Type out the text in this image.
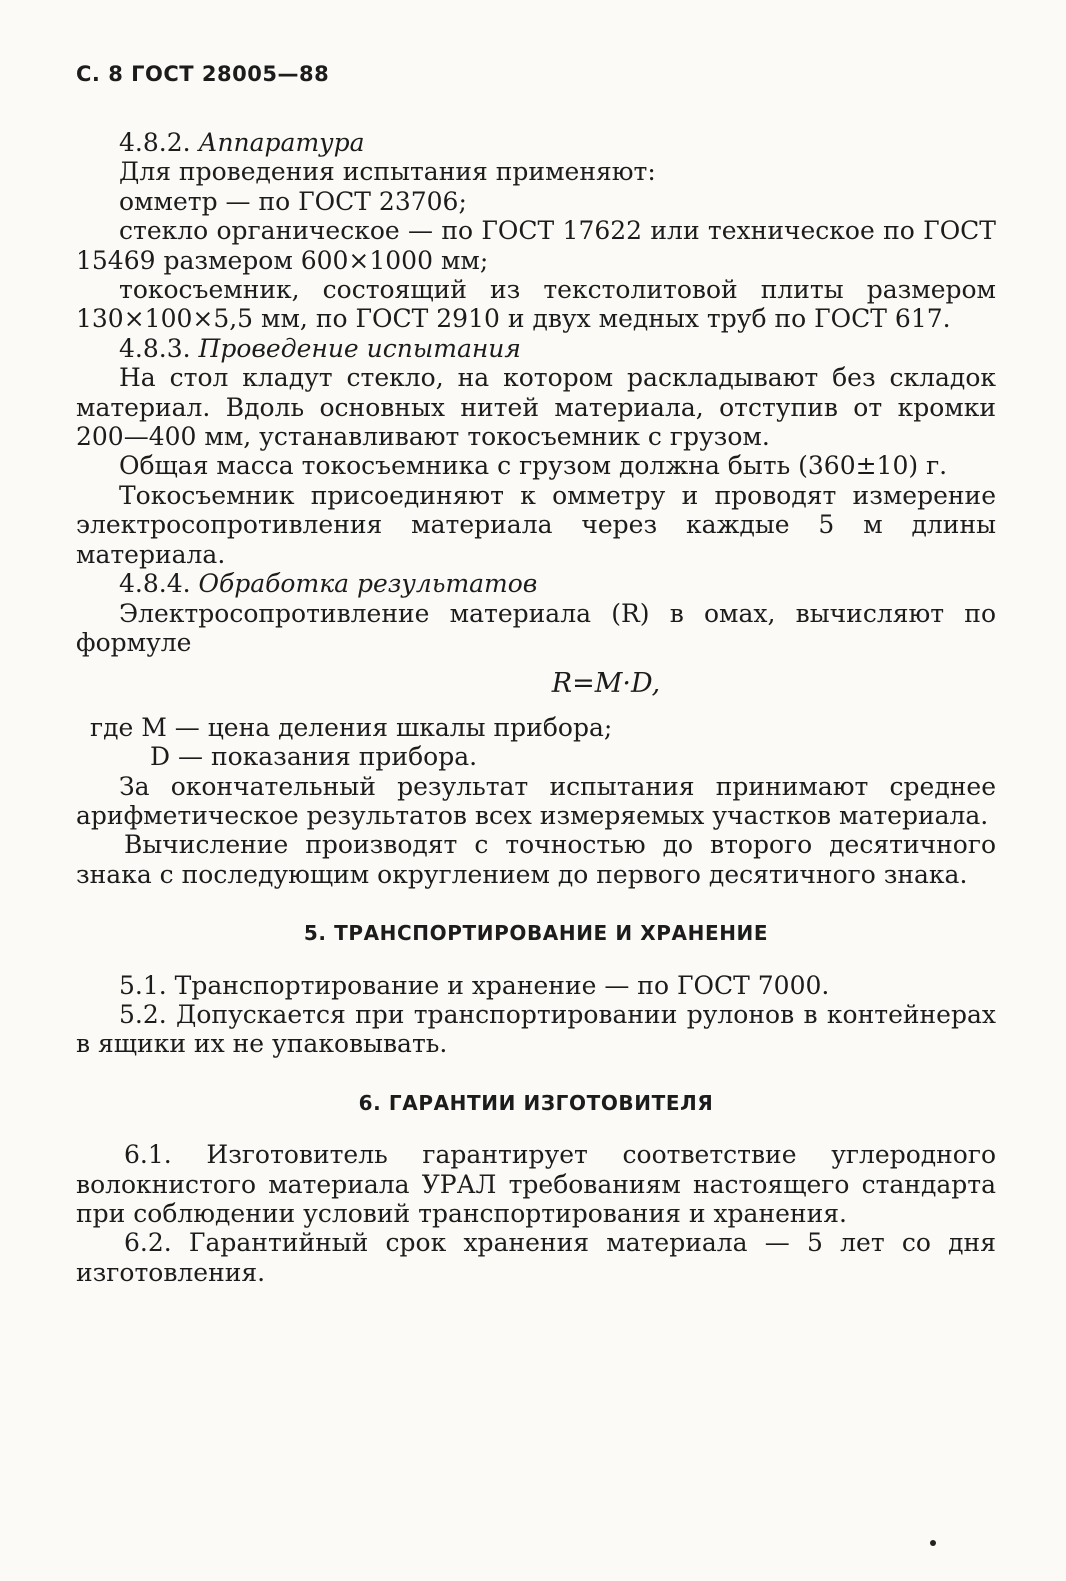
С. 8 ГОСТ 28005—88

4.8.2. Аппаратура

Для проведения испытания применяют:

омметр — по ГОСТ 23706;

стекло органическое — по ГОСТ 17622 или техническое по ГОСТ 15469 размером 600×1000 мм;

токосъемник, состоящий из текстолитовой плиты размером 130×100×5,5 мм, по ГОСТ 2910 и двух медных труб по ГОСТ 617.

4.8.3. Проведение испытания

На стол кладут стекло, на котором раскладывают без складок материал. Вдоль основных нитей материала, отступив от кромки 200—400 мм, устанавливают токосъемник с грузом.

Общая масса токосъемника с грузом должна быть (360±10) г.

Токосъемник присоединяют к омметру и проводят измерение электросопротивления материала через каждые 5 м длины материала.

4.8.4. Обработка результатов

Электросопротивление материала (R) в омах, вычисляют по формуле

R=M·D,

где M — цена деления шкалы прибора;

D — показания прибора.

За окончательный результат испытания принимают среднее арифметическое результатов всех измеряемых участков материала.

Вычисление производят с точностью до второго десятичного знака с последующим округлением до первого десятичного знака.

5. ТРАНСПОРТИРОВАНИЕ И ХРАНЕНИЕ

5.1. Транспортирование и хранение — по ГОСТ 7000.

5.2. Допускается при транспортировании рулонов в контейнерах в ящики их не упаковывать.

6. ГАРАНТИИ ИЗГОТОВИТЕЛЯ

6.1. Изготовитель гарантирует соответствие углеродного волокнистого материала УРАЛ требованиям настоящего стандарта при соблюдении условий транспортирования и хранения.

6.2. Гарантийный срок хранения материала — 5 лет со дня изготовления.
